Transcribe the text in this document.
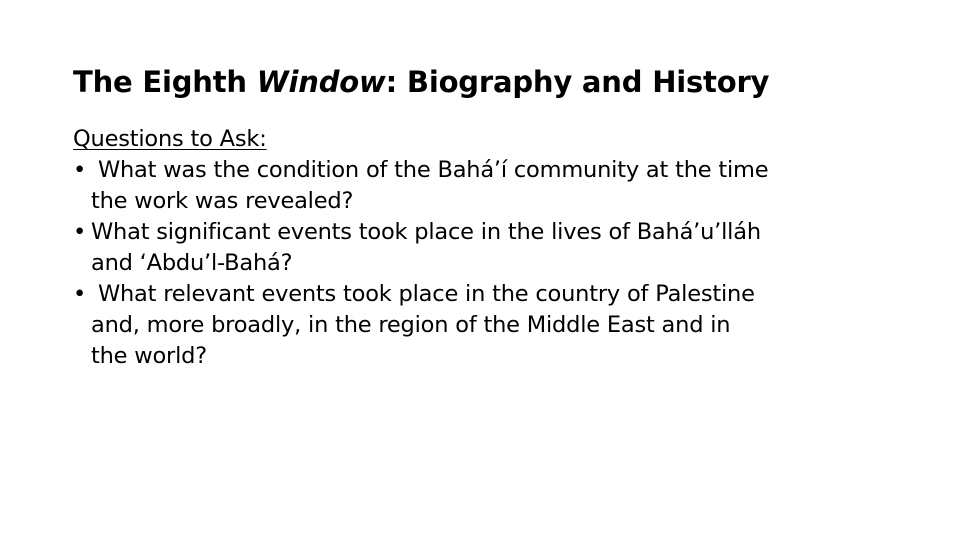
The Eighth Window: Biography and History

Questions to Ask:

• What was the condition of the Bahá’í community at the time
the work was revealed?
• What significant events took place in the lives of Bahá’u’lláh
and ‘Abdu’l-Bahá?
• What relevant events took place in the country of Palestine
and, more broadly, in the region of the Middle East and in
the world?
